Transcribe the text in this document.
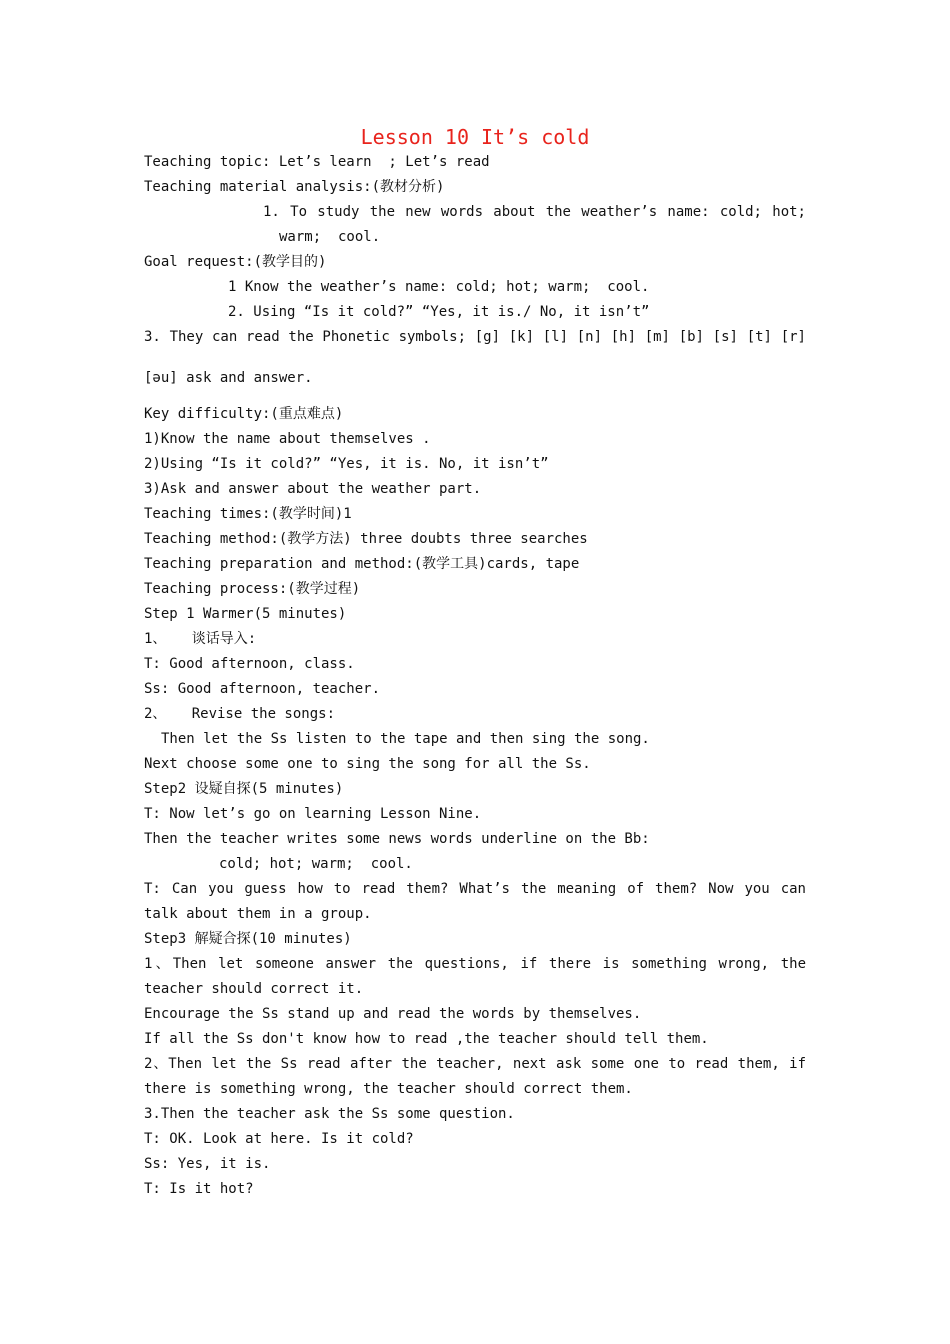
Lesson 10 It’s cold
Teaching topic: Let’s learn  ; Let’s read
Teaching material analysis:(教材分析)
1. To study the new words about the weather’s name: cold; hot;
warm;  cool.
Goal request:(教学目的)
1 Know the weather’s name: cold; hot; warm;  cool.
2. Using “Is it cold?” “Yes, it is./ No, it isn’t”
3. They can read the Phonetic symbols; [g] [k] [l] [n] [h] [m] [b] [s] [t] [r]
[əu] ask and answer.
Key difficulty:(重点难点)
1)Know the name about themselves .
2)Using “Is it cold?” “Yes, it is. No, it isn’t”
3)Ask and answer about the weather part.
Teaching times:(教学时间)1
Teaching method:(教学方法) three doubts three searches
Teaching preparation and method:(教学工具)cards, tape
Teaching process:(教学过程)
Step 1 Warmer(5 minutes)
1、   谈话导入:
T: Good afternoon, class.
Ss: Good afternoon, teacher.
2、   Revise the songs:
Then let the Ss listen to the tape and then sing the song.
Next choose some one to sing the song for all the Ss.
Step2 设疑自探(5 minutes)
T: Now let’s go on learning Lesson Nine.
Then the teacher writes some news words underline on the Bb:
cold; hot; warm;  cool.
T: Can you guess how to read them? What’s the meaning of them? Now you can
talk about them in a group.
Step3 解疑合探(10 minutes)
1、Then let someone answer the questions, if there is something wrong, the
teacher should correct it.
Encourage the Ss stand up and read the words by themselves.
If all the Ss don't know how to read ,the teacher should tell them.
2、Then let the Ss read after the teacher, next ask some one to read them, if
there is something wrong, the teacher should correct them.
3.Then the teacher ask the Ss some question.
T: OK. Look at here. Is it cold?
Ss: Yes, it is.
T: Is it hot?
